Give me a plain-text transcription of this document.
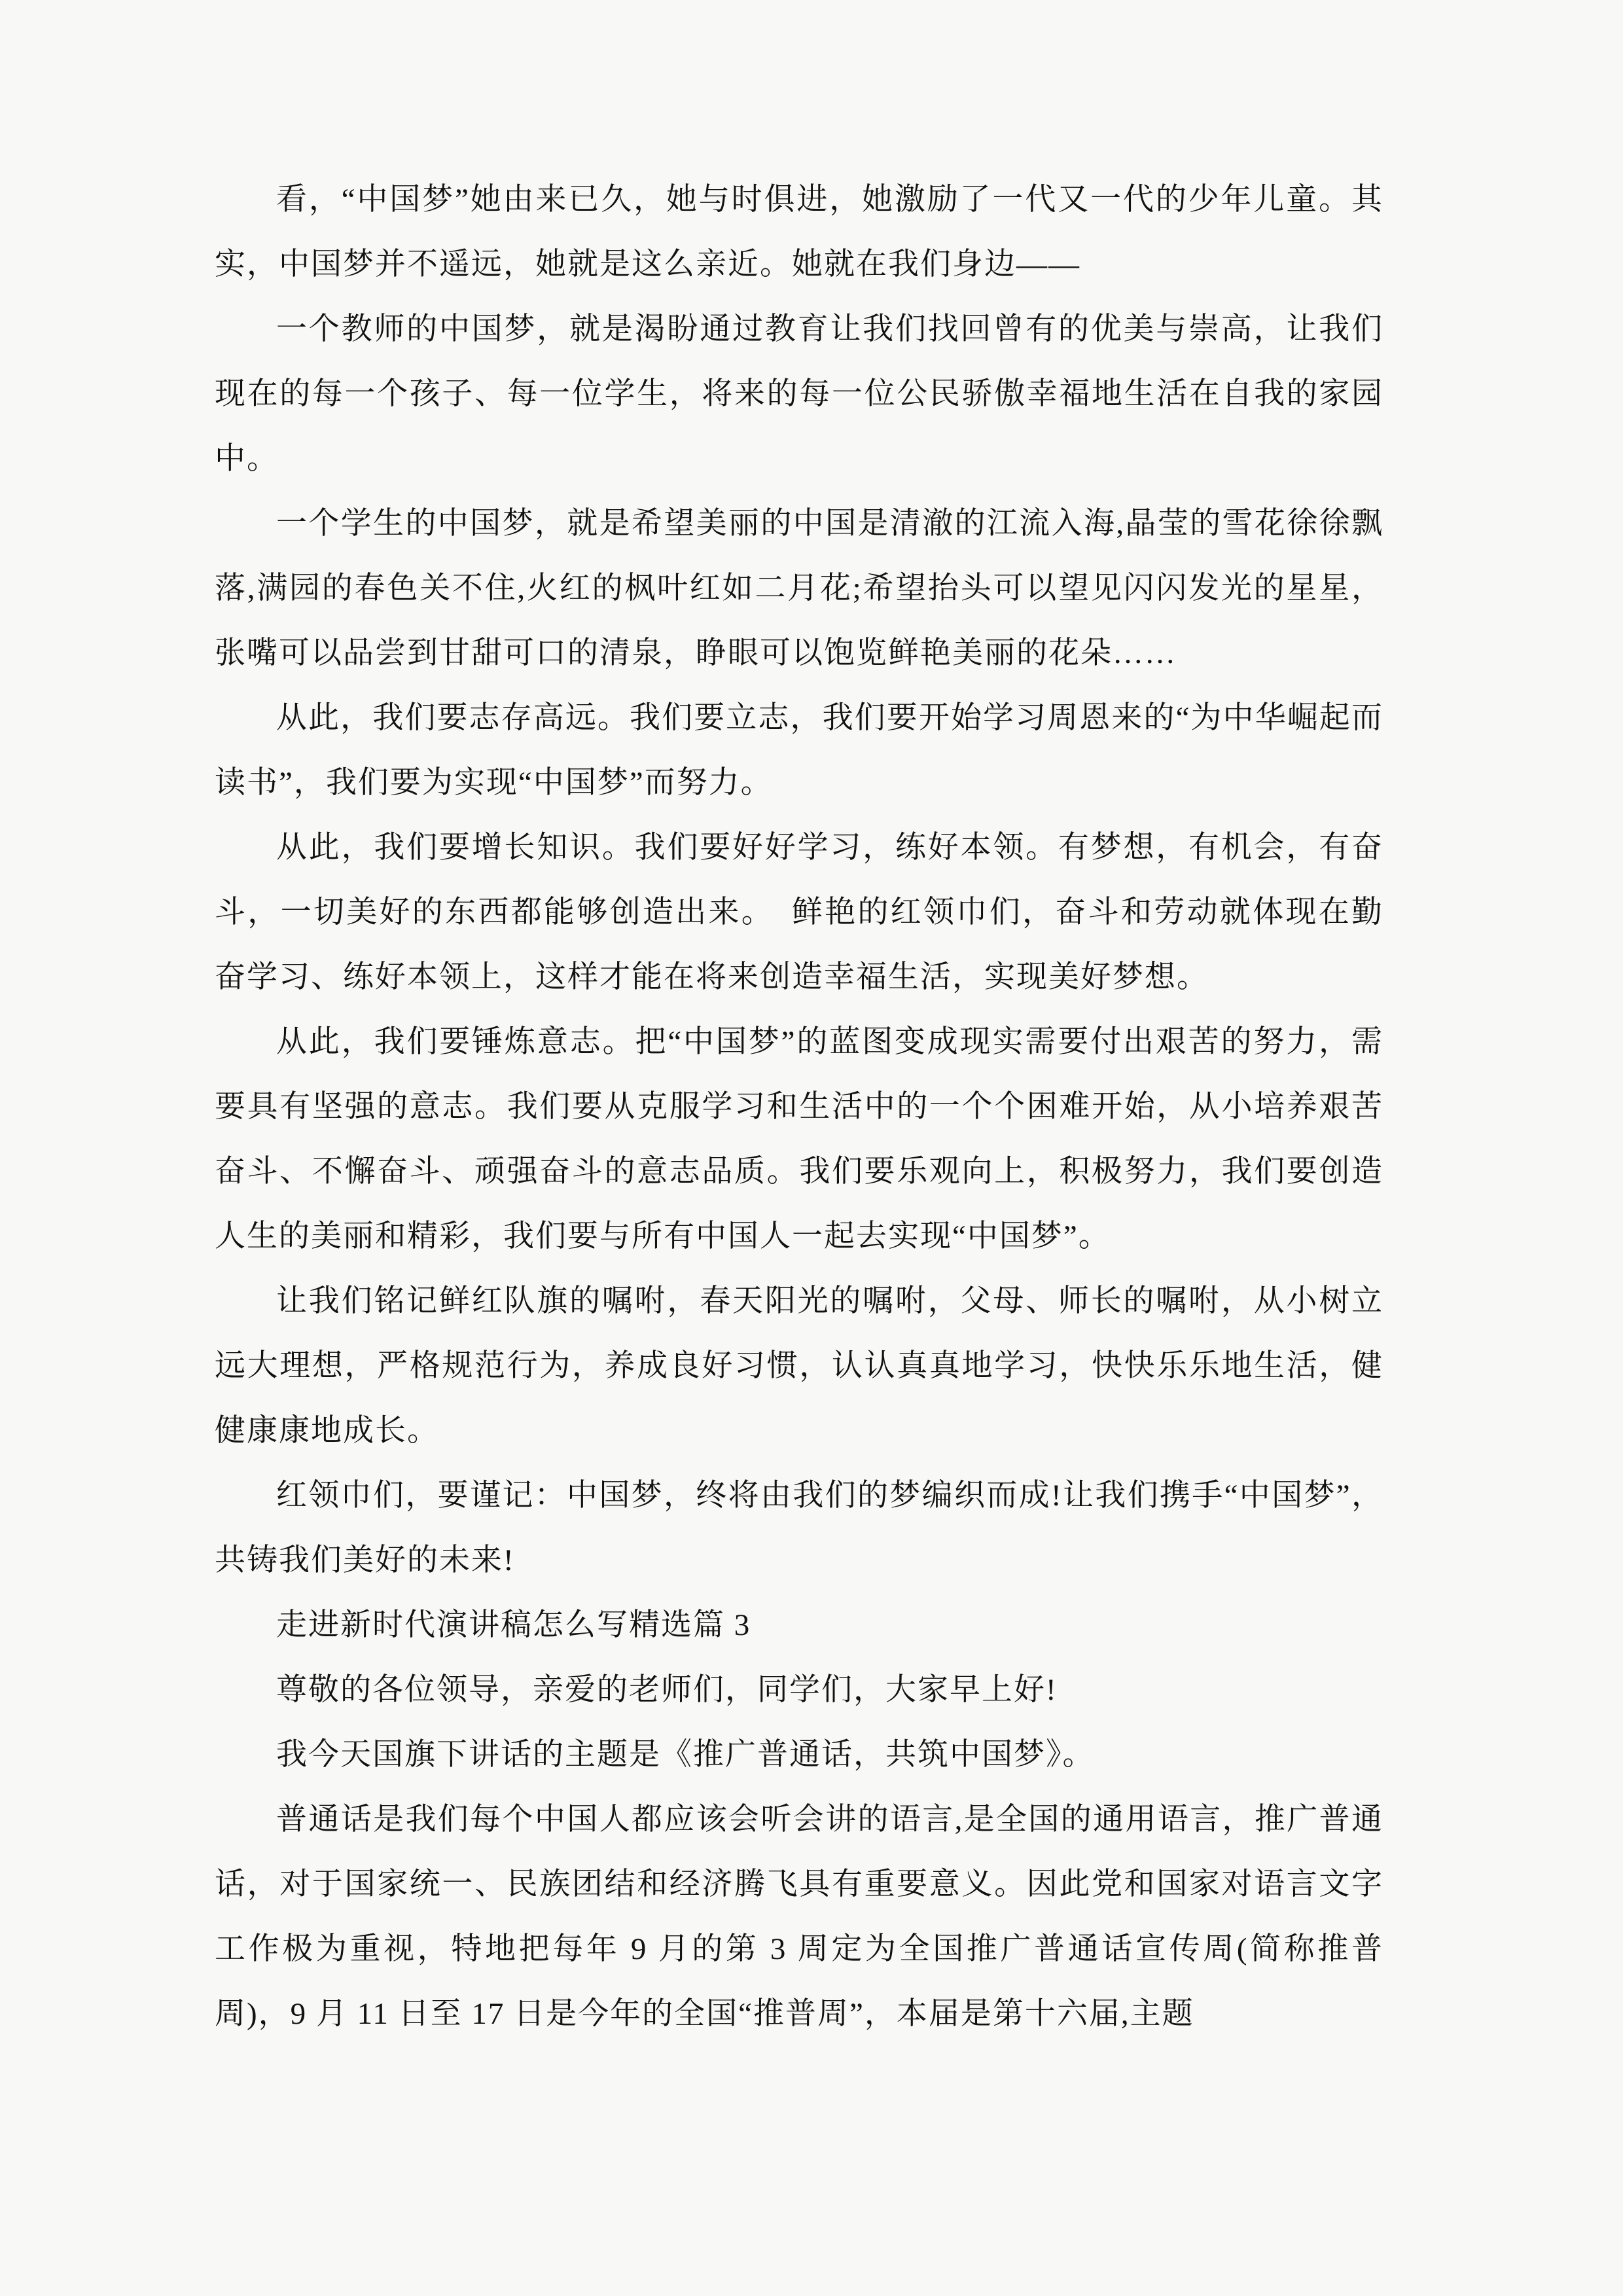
看，“中国梦”她由来已久，她与时俱进，她激励了一代又一代的少年儿童。其实，中国梦并不遥远，她就是这么亲近。她就在我们身边——

一个教师的中国梦，就是渴盼通过教育让我们找回曾有的优美与崇高，让我们现在的每一个孩子、每一位学生，将来的每一位公民骄傲幸福地生活在自我的家园中。

一个学生的中国梦，就是希望美丽的中国是清澈的江流入海,晶莹的雪花徐徐飘落,满园的春色关不住,火红的枫叶红如二月花;希望抬头可以望见闪闪发光的星星，张嘴可以品尝到甘甜可口的清泉，睁眼可以饱览鲜艳美丽的花朵……

从此，我们要志存高远。我们要立志，我们要开始学习周恩来的“为中华崛起而读书”，我们要为实现“中国梦”而努力。

从此，我们要增长知识。我们要好好学习，练好本领。有梦想，有机会，有奋斗，一切美好的东西都能够创造出来。　鲜艳的红领巾们，奋斗和劳动就体现在勤奋学习、练好本领上，这样才能在将来创造幸福生活，实现美好梦想。

从此，我们要锤炼意志。把“中国梦”的蓝图变成现实需要付出艰苦的努力，需要具有坚强的意志。我们要从克服学习和生活中的一个个困难开始，从小培养艰苦奋斗、不懈奋斗、顽强奋斗的意志品质。我们要乐观向上，积极努力，我们要创造人生的美丽和精彩，我们要与所有中国人一起去实现“中国梦”。

让我们铭记鲜红队旗的嘱咐，春天阳光的嘱咐，父母、师长的嘱咐，从小树立远大理想，严格规范行为，养成良好习惯，认认真真地学习，快快乐乐地生活，健健康康地成长。

红领巾们，要谨记：中国梦，终将由我们的梦编织而成!让我们携手“中国梦”，共铸我们美好的未来!

走进新时代演讲稿怎么写精选篇 3

尊敬的各位领导，亲爱的老师们，同学们，大家早上好!

我今天国旗下讲话的主题是《推广普通话，共筑中国梦》。

普通话是我们每个中国人都应该会听会讲的语言,是全国的通用语言，推广普通话，对于国家统一、民族团结和经济腾飞具有重要意义。因此党和国家对语言文字工作极为重视，特地把每年 9 月的第 3 周定为全国推广普通话宣传周(简称推普周)，9 月 11 日至 17 日是今年的全国“推普周”，本届是第十六届,主题
